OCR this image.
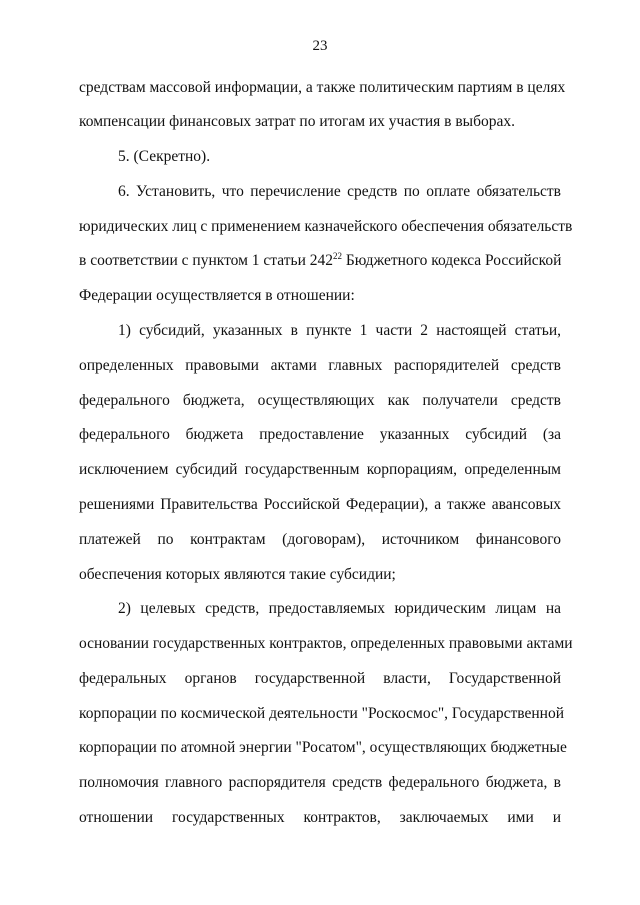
23
средствам массовой информации, а также политическим партиям в целях
компенсации финансовых затрат по итогам их участия в выборах.
5. (Секретно).
6. Установить, что перечисление средств по оплате обязательств
юридических лиц с применением казначейского обеспечения обязательств
в соответствии с пунктом 1 статьи $242^{22}$ Бюджетного кодекса Российской
Федерации осуществляется в отношении:
1) субсидий, указанных в пункте 1 части 2 настоящей статьи,
определенных правовыми актами главных распорядителей средств
федерального бюджета, осуществляющих как получатели средств
федерального бюджета предоставление указанных субсидий (за
исключением субсидий государственным корпорациям, определенным
решениями Правительства Российской Федерации), а также авансовых
платежей по контрактам (договорам), источником финансового
обеспечения которых являются такие субсидии;
2) целевых средств, предоставляемых юридическим лицам на
основании государственных контрактов, определенных правовыми актами
федеральных органов государственной власти, Государственной
корпорации по космической деятельности "Роскосмос", Государственной
корпорации по атомной энергии "Росатом", осуществляющих бюджетные
полномочия главного распорядителя средств федерального бюджета, в
отношении государственных контрактов, заключаемых ими и
